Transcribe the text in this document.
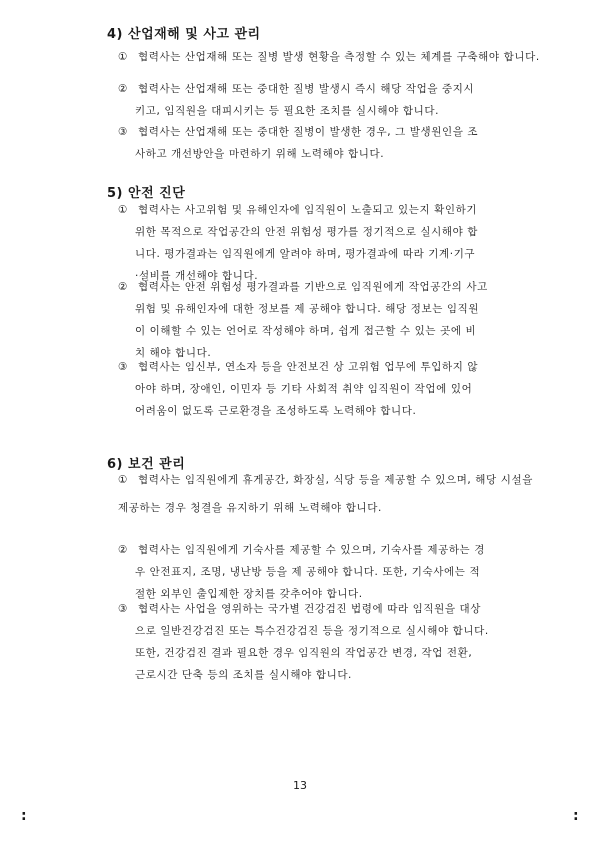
4) 산업재해 및 사고 관리
① 협력사는 산업재해 또는 질병 발생 현황을 측정할 수 있는 체계를 구축해야 합니다.
② 협력사는 산업재해 또는 중대한 질병 발생시 즉시 해당 작업을 중지시
키고, 임직원을 대피시키는 등 필요한 조치를 실시해야 합니다.
③ 협력사는 산업재해 또는 중대한 질병이 발생한 경우, 그 발생원인을 조
사하고 개선방안을 마련하기 위해 노력해야 합니다.
5) 안전 진단
① 협력사는 사고위험 및 유해인자에 임직원이 노출되고 있는지 확인하기
위한 목적으로 작업공간의 안전 위험성 평가를 정기적으로 실시해야 합
니다. 평가결과는 임직원에게 알려야 하며, 평가결과에 따라 기계·기구
·설비를 개선해야 합니다.
② 협력사는 안전 위험성 평가결과를 기반으로 임직원에게 작업공간의 사고
위험 및 유해인자에 대한 정보를 제 공해야 합니다. 해당 정보는 임직원
이 이해할 수 있는 언어로 작성해야 하며, 쉽게 접근할 수 있는 곳에 비
치 해야 합니다.
③ 협력사는 임신부, 연소자 등을 안전보건 상 고위험 업무에 투입하지 않
아야 하며, 장애인, 이민자 등 기타 사회적 취약 임직원이 작업에 있어
어려움이 없도록 근로환경을 조성하도록 노력해야 합니다.
6) 보건 관리
① 협력사는 임직원에게 휴게공간, 화장실, 식당 등을 제공할 수 있으며, 해당 시설을
제공하는 경우 청결을 유지하기 위해 노력해야 합니다.
② 협력사는 임직원에게 기숙사를 제공할 수 있으며, 기숙사를 제공하는 경
우 안전표지, 조명, 냉난방 등을 제 공해야 합니다. 또한, 기숙사에는 적
절한 외부인 출입제한 장치를 갖추어야 합니다.
③ 협력사는 사업을 영위하는 국가별 건강검진 법령에 따라 임직원을 대상
으로 일반건강검진 또는 특수건강검진 등을 정기적으로 실시해야 합니다.
또한, 건강검진 결과 필요한 경우 임직원의 작업공간 변경, 작업 전환,
근로시간 단축 등의 조치를 실시해야 합니다.
13
:	:
